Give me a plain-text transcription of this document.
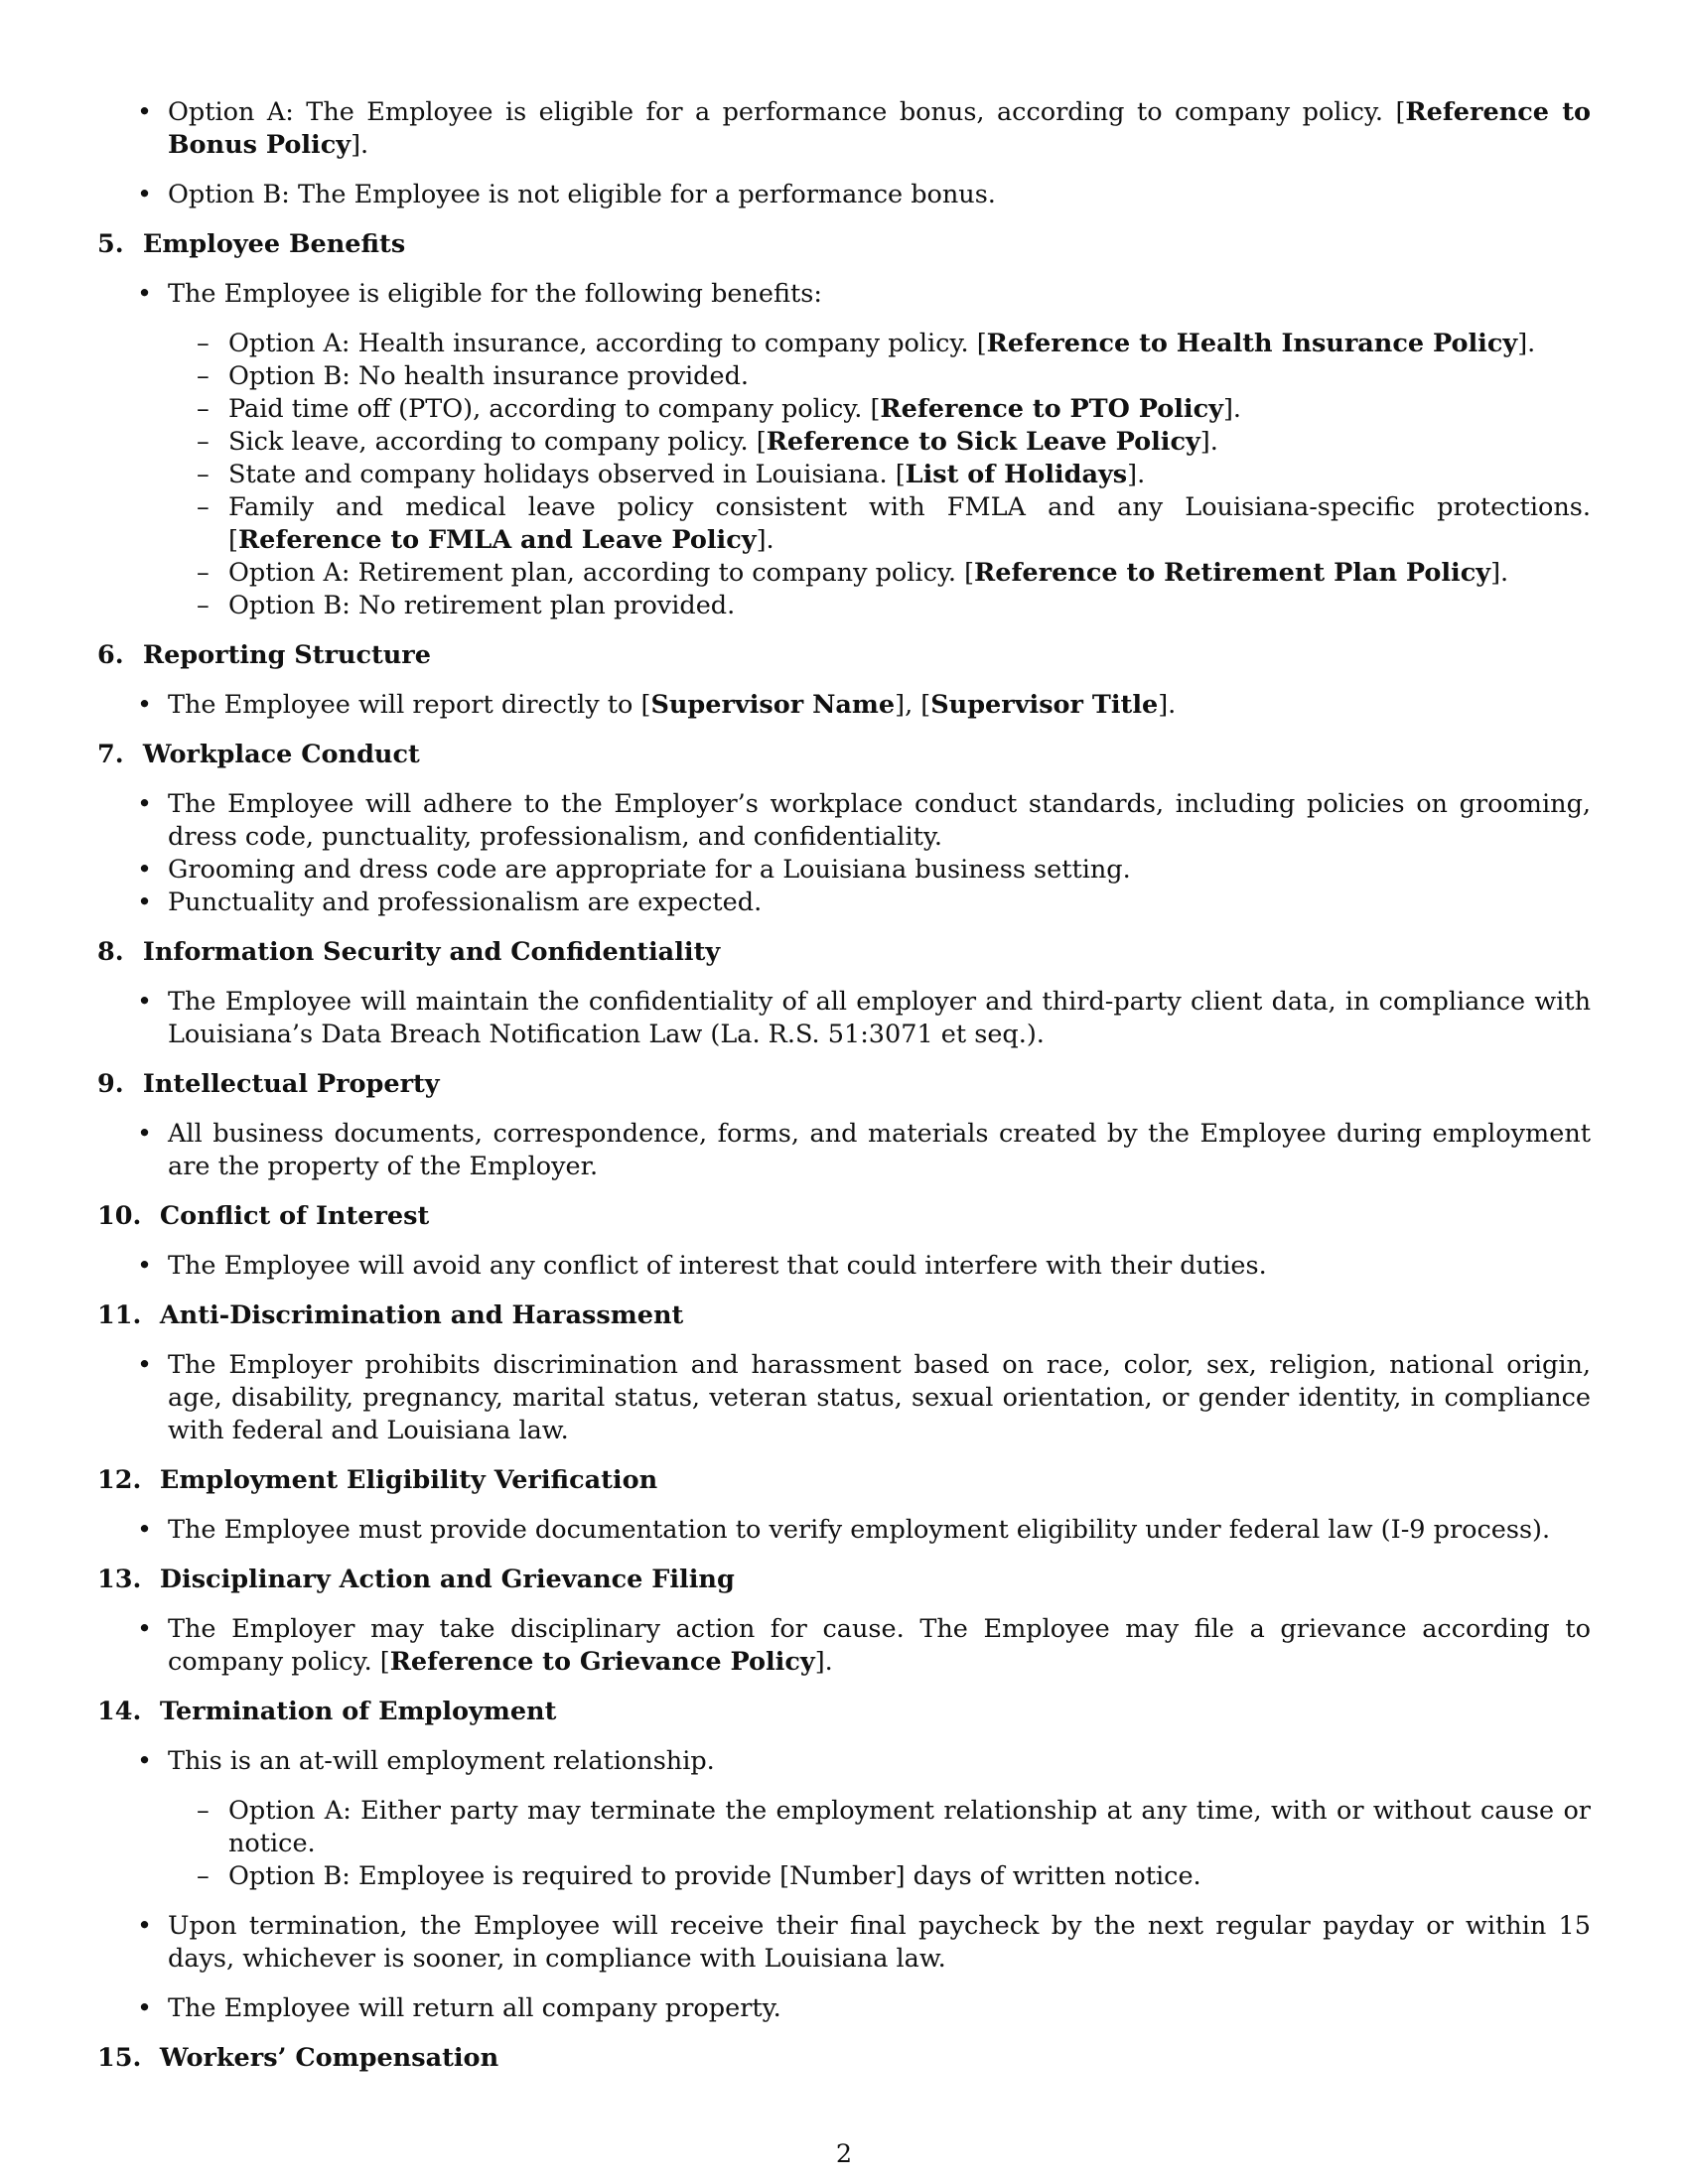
• Option A: The Employee is eligible for a performance bonus, according to company policy. [Reference to Bonus Policy].
• Option B: The Employee is not eligible for a performance bonus.
5. Employee Benefits
• The Employee is eligible for the following benefits:
– Option A: Health insurance, according to company policy. [Reference to Health Insurance Policy].
– Option B: No health insurance provided.
– Paid time off (PTO), according to company policy. [Reference to PTO Policy].
– Sick leave, according to company policy. [Reference to Sick Leave Policy].
– State and company holidays observed in Louisiana. [List of Holidays].
– Family and medical leave policy consistent with FMLA and any Louisiana-specific protections. [Reference to FMLA and Leave Policy].
– Option A: Retirement plan, according to company policy. [Reference to Retirement Plan Policy].
– Option B: No retirement plan provided.
6. Reporting Structure
• The Employee will report directly to [Supervisor Name], [Supervisor Title].
7. Workplace Conduct
• The Employee will adhere to the Employer’s workplace conduct standards, including policies on grooming, dress code, punctuality, professionalism, and confidentiality.
• Grooming and dress code are appropriate for a Louisiana business setting.
• Punctuality and professionalism are expected.
8. Information Security and Confidentiality
• The Employee will maintain the confidentiality of all employer and third-party client data, in compliance with Louisiana’s Data Breach Notification Law (La. R.S. 51:3071 et seq.).
9. Intellectual Property
• All business documents, correspondence, forms, and materials created by the Employee during employment are the property of the Employer.
10. Conflict of Interest
• The Employee will avoid any conflict of interest that could interfere with their duties.
11. Anti-Discrimination and Harassment
• The Employer prohibits discrimination and harassment based on race, color, sex, religion, national origin, age, disability, pregnancy, marital status, veteran status, sexual orientation, or gender identity, in compliance with federal and Louisiana law.
12. Employment Eligibility Verification
• The Employee must provide documentation to verify employment eligibility under federal law (I-9 process).
13. Disciplinary Action and Grievance Filing
• The Employer may take disciplinary action for cause. The Employee may file a grievance according to company policy. [Reference to Grievance Policy].
14. Termination of Employment
• This is an at-will employment relationship.
– Option A: Either party may terminate the employment relationship at any time, with or without cause or notice.
– Option B: Employee is required to provide [Number] days of written notice.
• Upon termination, the Employee will receive their final paycheck by the next regular payday or within 15 days, whichever is sooner, in compliance with Louisiana law.
• The Employee will return all company property.
15. Workers’ Compensation
2
